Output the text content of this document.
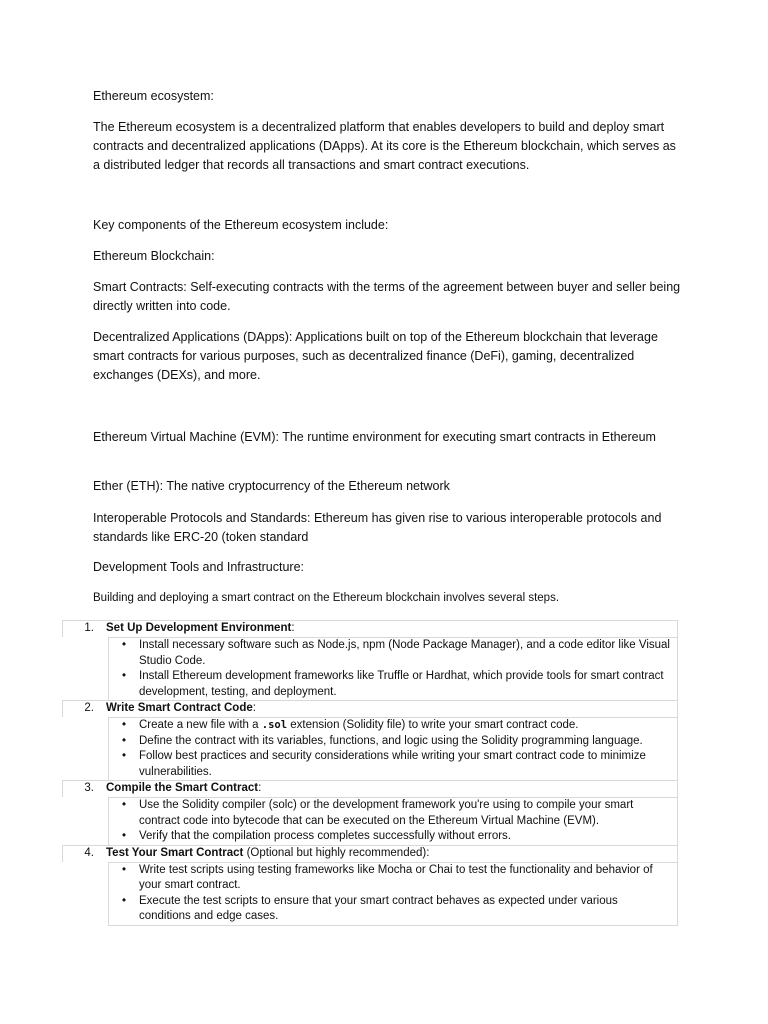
Ethereum ecosystem:

The Ethereum ecosystem is a decentralized platform that enables developers to build and deploy smart contracts and decentralized applications (DApps). At its core is the Ethereum blockchain, which serves as a distributed ledger that records all transactions and smart contract executions.

Key components of the Ethereum ecosystem include:

Ethereum Blockchain:

Smart Contracts: Self-executing contracts with the terms of the agreement between buyer and seller being directly written into code.

Decentralized Applications (DApps): Applications built on top of the Ethereum blockchain that leverage smart contracts for various purposes, such as decentralized finance (DeFi), gaming, decentralized exchanges (DEXs), and more.

Ethereum Virtual Machine (EVM): The runtime environment for executing smart contracts in Ethereum

Ether (ETH): The native cryptocurrency of the Ethereum network

Interoperable Protocols and Standards: Ethereum has given rise to various interoperable protocols and standards like ERC-20 (token standard

Development Tools and Infrastructure:

Building and deploying a smart contract on the Ethereum blockchain involves several steps.

1. Set Up Development Environment:
•	Install necessary software such as Node.js, npm (Node Package Manager), and a code editor like Visual Studio Code.
•	Install Ethereum development frameworks like Truffle or Hardhat, which provide tools for smart contract development, testing, and deployment.
2. Write Smart Contract Code:
•	Create a new file with a .sol extension (Solidity file) to write your smart contract code.
•	Define the contract with its variables, functions, and logic using the Solidity programming language.
•	Follow best practices and security considerations while writing your smart contract code to minimize vulnerabilities.
3. Compile the Smart Contract:
•	Use the Solidity compiler (solc) or the development framework you're using to compile your smart contract code into bytecode that can be executed on the Ethereum Virtual Machine (EVM).
•	Verify that the compilation process completes successfully without errors.
4. Test Your Smart Contract (Optional but highly recommended):
•	Write test scripts using testing frameworks like Mocha or Chai to test the functionality and behavior of your smart contract.
•	Execute the test scripts to ensure that your smart contract behaves as expected under various conditions and edge cases.
